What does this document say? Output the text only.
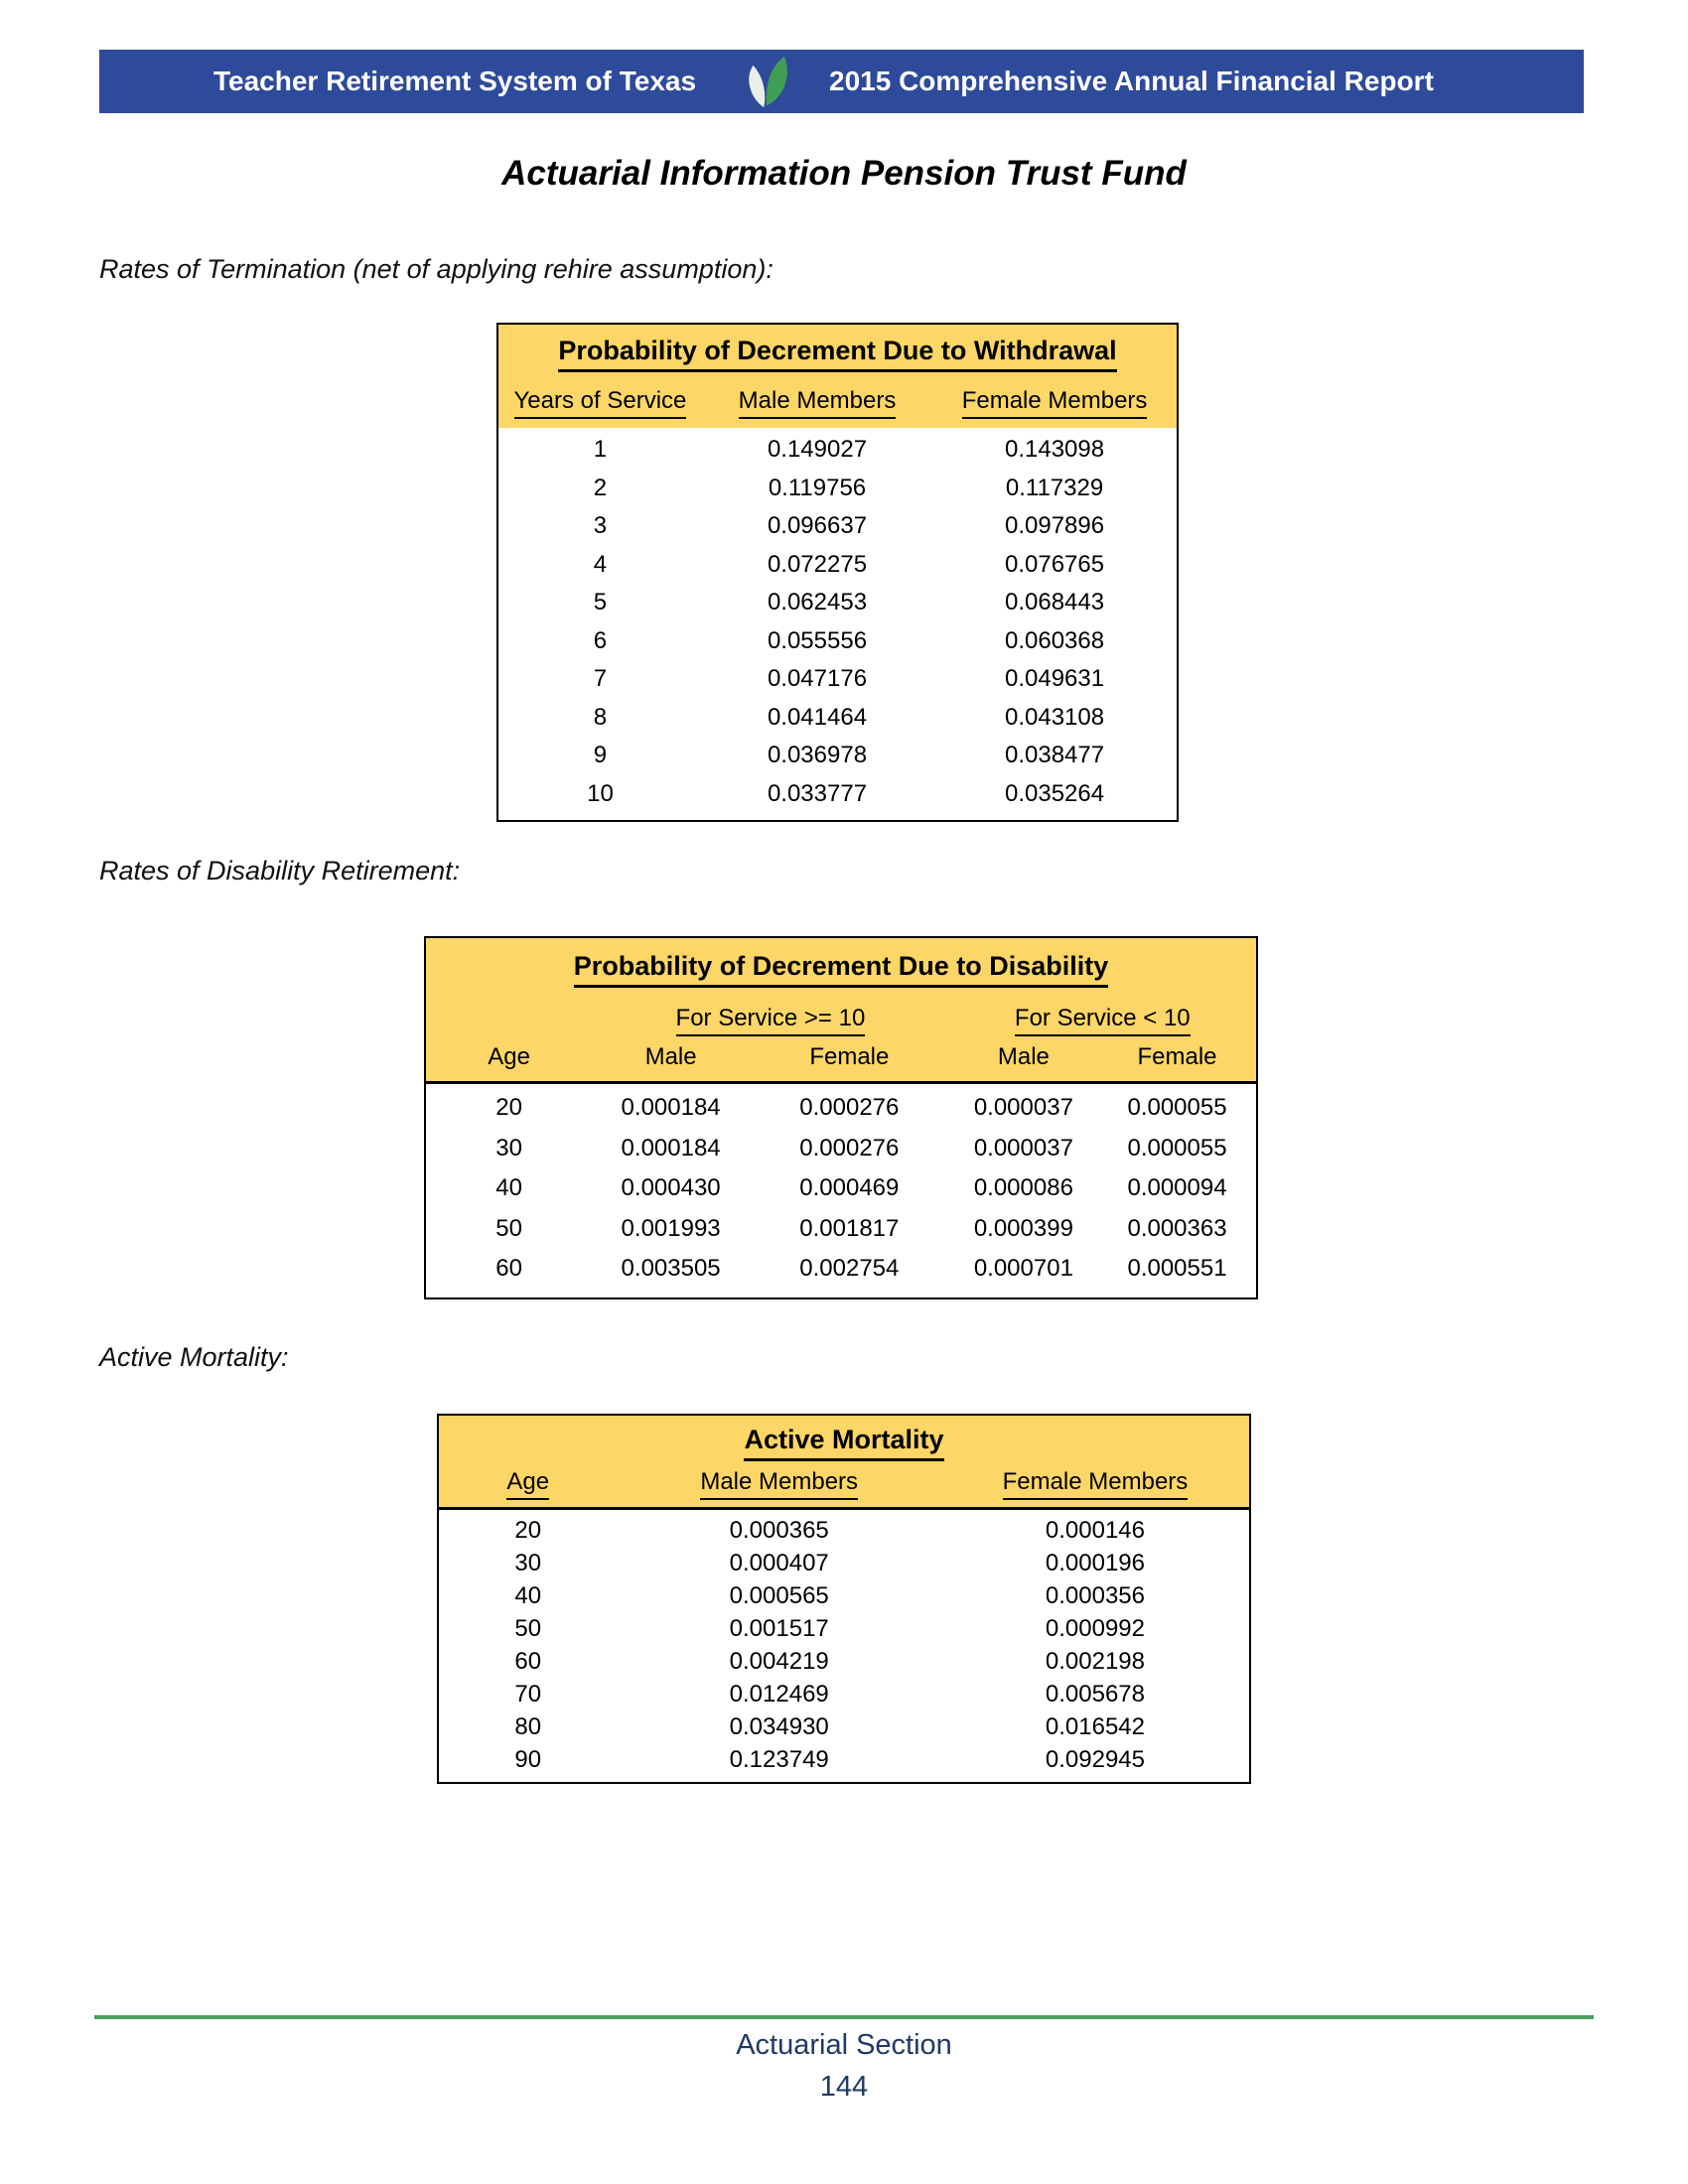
Teacher Retirement System of Texas	2015 Comprehensive Annual Financial Report
Actuarial Information Pension Trust Fund
Rates of Termination (net of applying rehire assumption):
Probability of Decrement Due to Withdrawal
Years of Service	Male Members	Female Members
1	0.149027	0.143098
2	0.119756	0.117329
3	0.096637	0.097896
4	0.072275	0.076765
5	0.062453	0.068443
6	0.055556	0.060368
7	0.047176	0.049631
8	0.041464	0.043108
9	0.036978	0.038477
10	0.033777	0.035264
Rates of Disability Retirement:
Probability of Decrement Due to Disability
For Service >= 10	For Service < 10
Age	Male	Female	Male	Female
20	0.000184	0.000276	0.000037	0.000055
30	0.000184	0.000276	0.000037	0.000055
40	0.000430	0.000469	0.000086	0.000094
50	0.001993	0.001817	0.000399	0.000363
60	0.003505	0.002754	0.000701	0.000551
Active Mortality:
Active Mortality
Age	Male Members	Female Members
20	0.000365	0.000146
30	0.000407	0.000196
40	0.000565	0.000356
50	0.001517	0.000992
60	0.004219	0.002198
70	0.012469	0.005678
80	0.034930	0.016542
90	0.123749	0.092945
Actuarial Section
144
